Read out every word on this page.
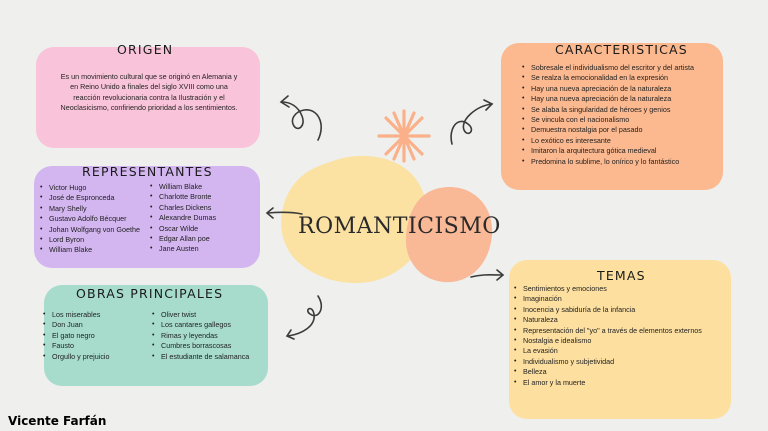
ORIGEN
Es un movimiento cultural que se originó en Alemania y en Reino Unido a finales del siglo XVIII como una reacción revolucionaria contra la Ilustración y el Neoclasicismo, confiriendo prioridad a los sentimientos.
CARACTERISTICAS
• Sobresale el individualismo del escritor y del artista
• Se realza la emocionalidad en la expresión
• Hay una nueva apreciación de la naturaleza
• Hay una nueva apreciación de la naturaleza
• Se alaba la singularidad de héroes y genios
• Se vincula con el nacionalismo
• Demuestra nostalgia por el pasado
• Lo exótico es interesante
• Imitaron la arquitectura gótica medieval
• Predomina lo sublime, lo onírico y lo fantástico
REPRESENTANTES
• Victor Hugo
• José de Espronceda
• Mary Shelly
• Gustavo Adolfo Bécquer
• Johan Wolfgang von Goethe
• Lord Byron
• William Blake
• William Blake
• Charlotte Bronte
• Charles Dickens
• Alexandre Dumas
• Oscar Wilde
• Edgar Allan poe
• Jane Austen
ROMANTICISMO
TEMAS
• Sentimientos y emociones
• Imaginación
• Inocencia y sabiduría de la infancia
• Naturaleza
• Representación del "yo" a través de elementos externos
• Nostalgia e idealismo
• La evasión
• Individualismo y subjetividad
• Belleza
• El amor y la muerte
OBRAS PRINCIPALES
• Los miserables
• Don Juan
• El gato negro
• Fausto
• Orgullo y prejuicio
• Oliver twist
• Los cantares gallegos
• Rimas y leyendas
• Cumbres borrascosas
• El estudiante de salamanca
Vicente Farfán
